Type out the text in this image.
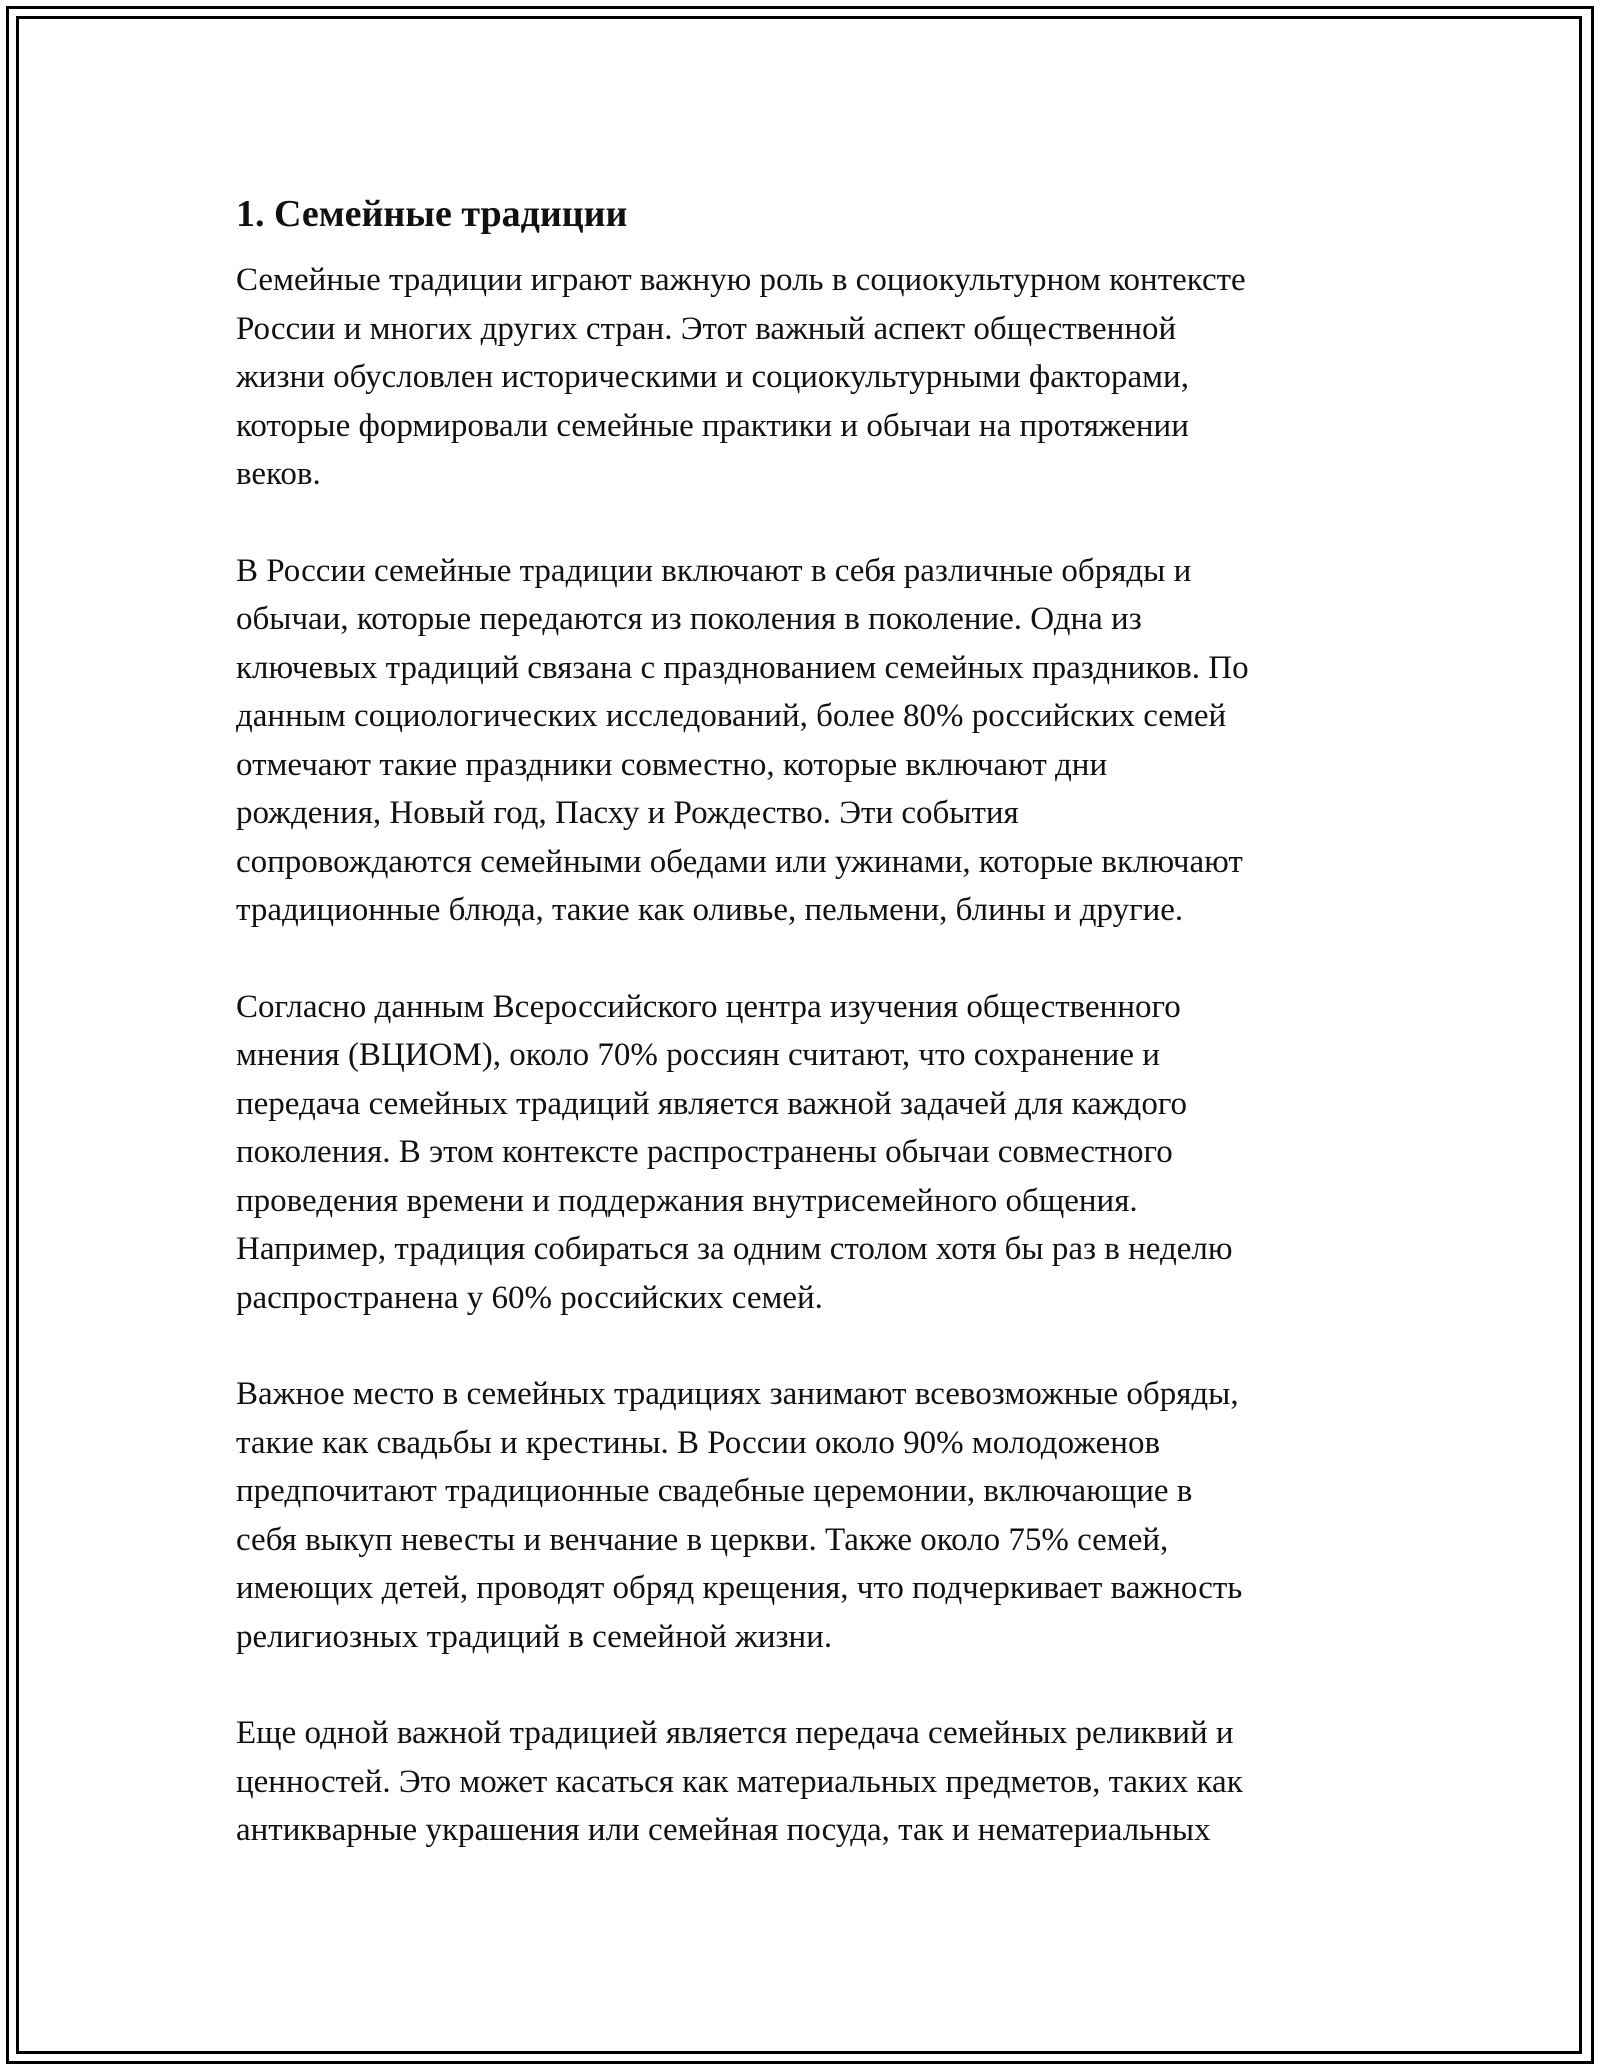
1. Семейные традиции

Семейные традиции играют важную роль в социокультурном контексте
России и многих других стран. Этот важный аспект общественной
жизни обусловлен историческими и социокультурными факторами,
которые формировали семейные практики и обычаи на протяжении
веков.

В России семейные традиции включают в себя различные обряды и
обычаи, которые передаются из поколения в поколение. Одна из
ключевых традиций связана с празднованием семейных праздников. По
данным социологических исследований, более 80% российских семей
отмечают такие праздники совместно, которые включают дни
рождения, Новый год, Пасху и Рождество. Эти события
сопровождаются семейными обедами или ужинами, которые включают
традиционные блюда, такие как оливье, пельмени, блины и другие.

Согласно данным Всероссийского центра изучения общественного
мнения (ВЦИОМ), около 70% россиян считают, что сохранение и
передача семейных традиций является важной задачей для каждого
поколения. В этом контексте распространены обычаи совместного
проведения времени и поддержания внутрисемейного общения.
Например, традиция собираться за одним столом хотя бы раз в неделю
распространена у 60% российских семей.

Важное место в семейных традициях занимают всевозможные обряды,
такие как свадьбы и крестины. В России около 90% молодоженов
предпочитают традиционные свадебные церемонии, включающие в
себя выкуп невесты и венчание в церкви. Также около 75% семей,
имеющих детей, проводят обряд крещения, что подчеркивает важность
религиозных традиций в семейной жизни.

Еще одной важной традицией является передача семейных реликвий и
ценностей. Это может касаться как материальных предметов, таких как
антикварные украшения или семейная посуда, так и нематериальных
